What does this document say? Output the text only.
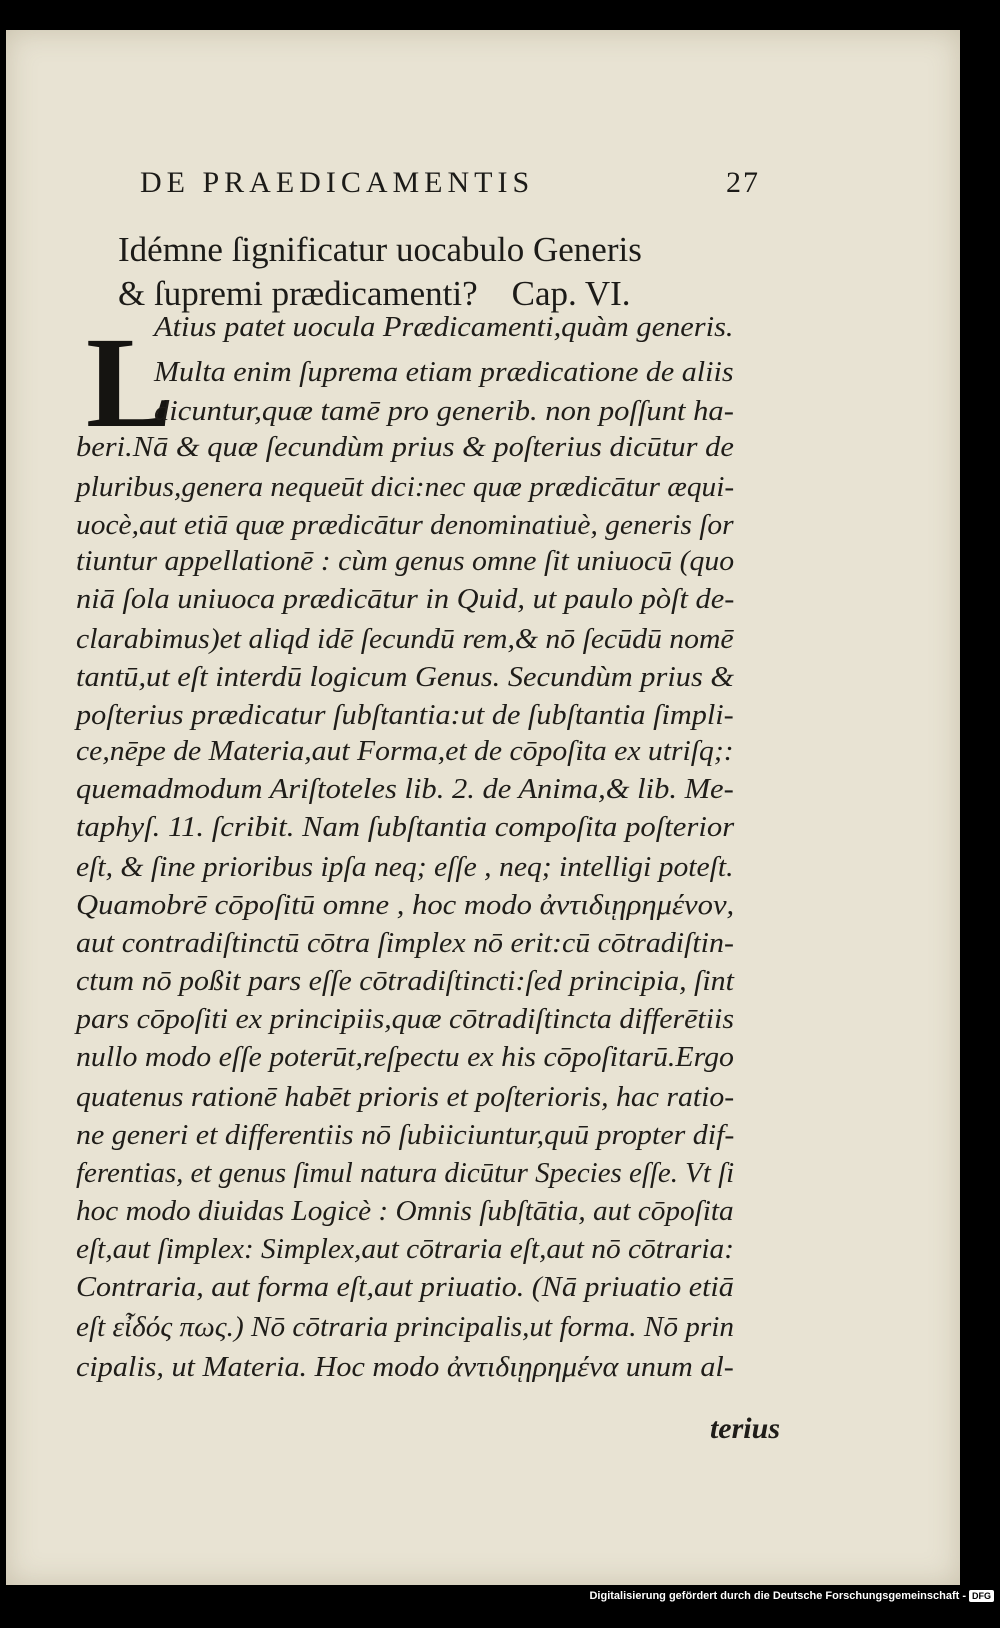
DE PRAEDICAMENTIS	27
Idémne ſignificatur uocabulo Generis
& ſupremi prædicamenti? Cap. VI.
L
Atius patet uocula Prædicamenti,quàm generis.
Multa enim ſuprema etiam prædicatione de aliis
dicuntur,quæ tamē pro generib. non poſſunt ha-
beri.Nā & quæ ſecundùm prius & poſterius dicūtur de
pluribus,genera nequeūt dici:nec quæ prædicātur æqui-
uocè,aut etiā quæ prædicātur denominatiuè, generis ſor
tiuntur appellationē : cùm genus omne ſit uniuocū (quo
niā ſola uniuoca prædicātur in Quid, ut paulo pòſt de-
clarabimus)et aliqd idē ſecundū rem,& nō ſecūdū nomē
tantū,ut eſt interdū logicum Genus. Secundùm prius &
poſterius prædicatur ſubſtantia:ut de ſubſtantia ſimpli-
ce,nēpe de Materia,aut Forma,et de cōpoſita ex utriſq;:
quemadmodum Ariſtoteles lib. 2. de Anima,& lib. Me-
taphyſ. 11. ſcribit. Nam ſubſtantia compoſita poſterior
eſt, & ſine prioribus ipſa neq; eſſe , neq; intelligi poteſt.
Quamobrē cōpoſitū omne , hoc modo ἀντιδιῃρημένον,
aut contradiſtinctū cōtra ſimplex nō erit:cū cōtradiſtin-
ctum nō poßit pars eſſe cōtradiſtincti:ſed principia, ſint
pars cōpoſiti ex principiis,quæ cōtradiſtincta differētiis
nullo modo eſſe poterūt,reſpectu ex his cōpoſitarū.Ergo
quatenus rationē habēt prioris et poſterioris, hac ratio-
ne generi et differentiis nō ſubiiciuntur,quū propter dif-
ferentias, et genus ſimul natura dicūtur Species eſſe. Vt ſi
hoc modo diuidas Logicè : Omnis ſubſtātia, aut cōpoſita
eſt,aut ſimplex: Simplex,aut cōtraria eſt,aut nō cōtraria:
Contraria, aut forma eſt,aut priuatio. (Nā priuatio etiā
eſt εἶδός πως.) Nō cōtraria principalis,ut forma. Nō prin
cipalis, ut Materia. Hoc modo ἀντιδιῃρημένα unum al-
terius
Digitalisierung gefördert durch die Deutsche Forschungsgemeinschaft - DFG
